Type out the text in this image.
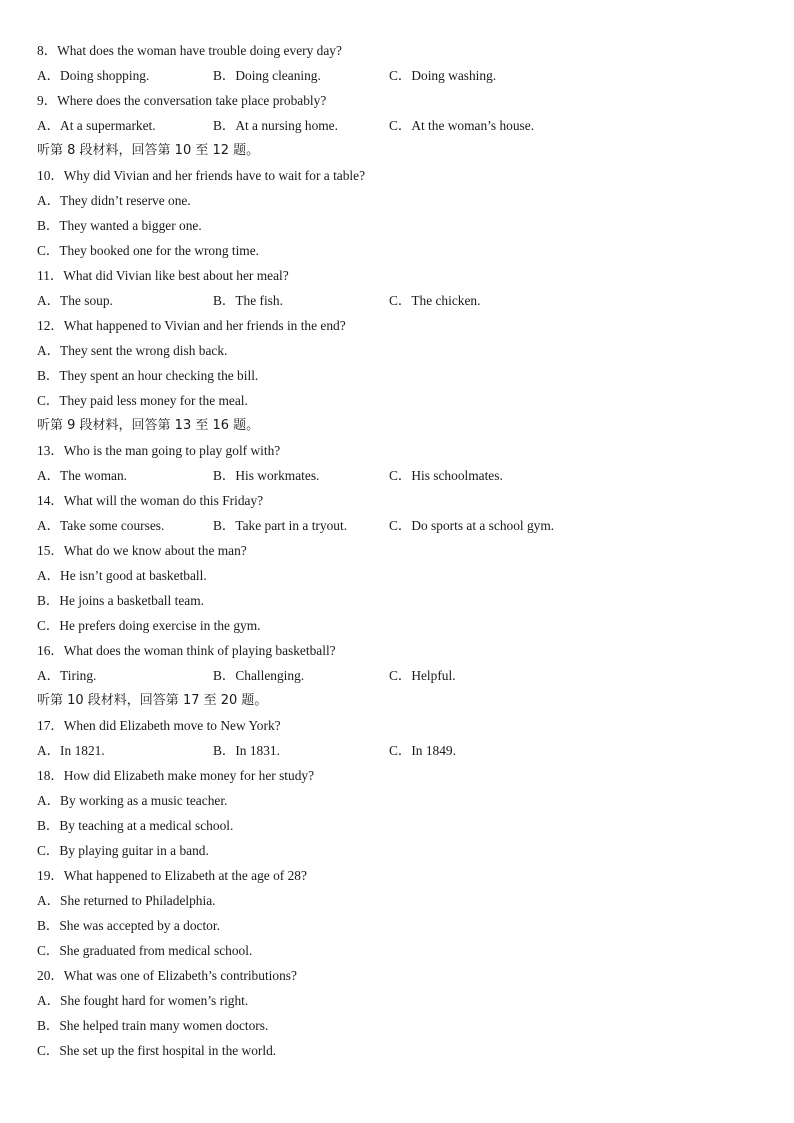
8．What does the woman have trouble doing every day?
A．Doing shopping.	B．Doing cleaning.	C．Doing washing.
9．Where does the conversation take place probably?
A．At a supermarket.	B．At a nursing home.	C．At the woman’s house.
听第 8 段材料，回答第 10 至 12 题。
10．Why did Vivian and her friends have to wait for a table?
A．They didn’t reserve one.
B．They wanted a bigger one.
C．They booked one for the wrong time.
11．What did Vivian like best about her meal?
A．The soup.	B．The fish.	C．The chicken.
12．What happened to Vivian and her friends in the end?
A．They sent the wrong dish back.
B．They spent an hour checking the bill.
C．They paid less money for the meal.
听第 9 段材料，回答第 13 至 16 题。
13．Who is the man going to play golf with?
A．The woman.	B．His workmates.	C．His schoolmates.
14．What will the woman do this Friday?
A．Take some courses.	B．Take part in a tryout.	C．Do sports at a school gym.
15．What do we know about the man?
A．He isn’t good at basketball.
B．He joins a basketball team.
C．He prefers doing exercise in the gym.
16．What does the woman think of playing basketball?
A．Tiring.	B．Challenging.	C．Helpful.
听第 10 段材料，回答第 17 至 20 题。
17．When did Elizabeth move to New York?
A．In 1821.	B．In 1831.	C．In 1849.
18．How did Elizabeth make money for her study?
A．By working as a music teacher.
B．By teaching at a medical school.
C．By playing guitar in a band.
19．What happened to Elizabeth at the age of 28?
A．She returned to Philadelphia.
B．She was accepted by a doctor.
C．She graduated from medical school.
20．What was one of Elizabeth’s contributions?
A．She fought hard for women’s right.
B．She helped train many women doctors.
C．She set up the first hospital in the world.
